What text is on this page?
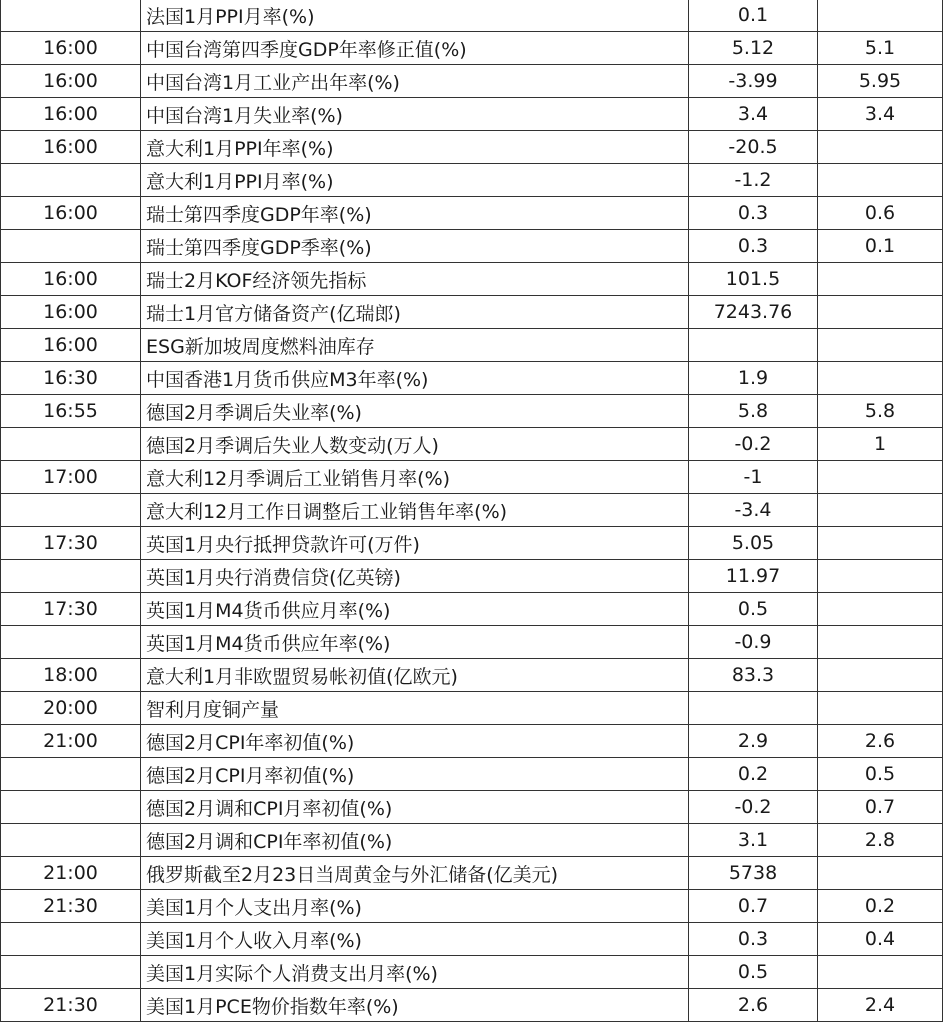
	法国1月PPI月率(%)	0.1	
16:00	中国台湾第四季度GDP年率修正值(%)	5.12	5.1
16:00	中国台湾1月工业产出年率(%)	-3.99	5.95
16:00	中国台湾1月失业率(%)	3.4	3.4
16:00	意大利1月PPI年率(%)	-20.5	
	意大利1月PPI月率(%)	-1.2	
16:00	瑞士第四季度GDP年率(%)	0.3	0.6
	瑞士第四季度GDP季率(%)	0.3	0.1
16:00	瑞士2月KOF经济领先指标	101.5	
16:00	瑞士1月官方储备资产(亿瑞郎)	7243.76	
16:00	ESG新加坡周度燃料油库存		
16:30	中国香港1月货币供应M3年率(%)	1.9	
16:55	德国2月季调后失业率(%)	5.8	5.8
	德国2月季调后失业人数变动(万人)	-0.2	1
17:00	意大利12月季调后工业销售月率(%)	-1	
	意大利12月工作日调整后工业销售年率(%)	-3.4	
17:30	英国1月央行抵押贷款许可(万件)	5.05	
	英国1月央行消费信贷(亿英镑)	11.97	
17:30	英国1月M4货币供应月率(%)	0.5	
	英国1月M4货币供应年率(%)	-0.9	
18:00	意大利1月非欧盟贸易帐初值(亿欧元)	83.3	
20:00	智利月度铜产量		
21:00	德国2月CPI年率初值(%)	2.9	2.6
	德国2月CPI月率初值(%)	0.2	0.5
	德国2月调和CPI月率初值(%)	-0.2	0.7
	德国2月调和CPI年率初值(%)	3.1	2.8
21:00	俄罗斯截至2月23日当周黄金与外汇储备(亿美元)	5738	
21:30	美国1月个人支出月率(%)	0.7	0.2
	美国1月个人收入月率(%)	0.3	0.4
	美国1月实际个人消费支出月率(%)	0.5	
21:30	美国1月PCE物价指数年率(%)	2.6	2.4
